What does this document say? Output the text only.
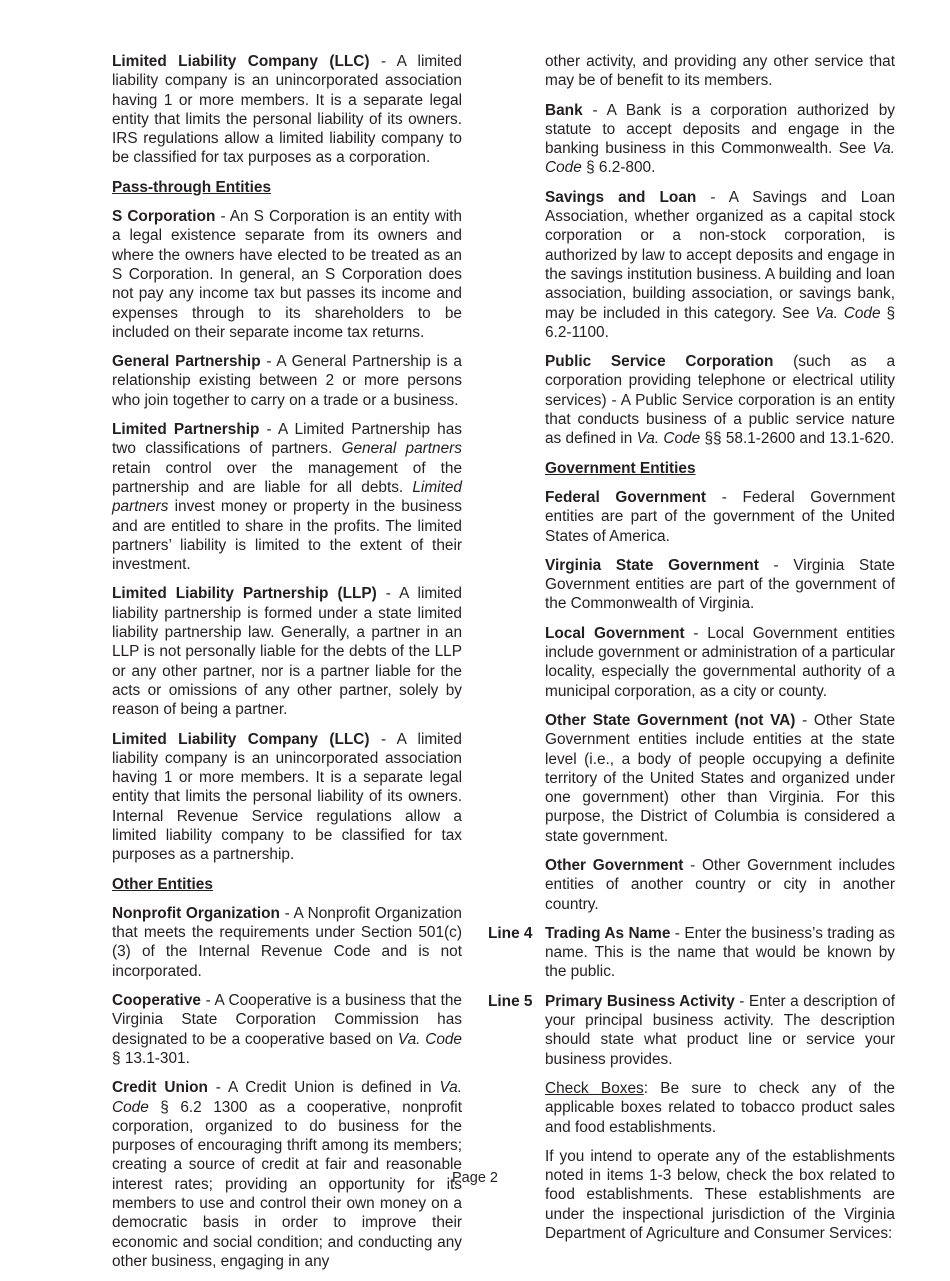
Limited Liability Company (LLC) - A limited liability company is an unincorporated association having 1 or more members. It is a separate legal entity that limits the personal liability of its owners. IRS regulations allow a limited liability company to be classified for tax purposes as a corporation.

Pass-through Entities

S Corporation - An S Corporation is an entity with a legal existence separate from its owners and where the owners have elected to be treated as an S Corporation. In general, an S Corporation does not pay any income tax but passes its income and expenses through to its shareholders to be included on their separate income tax returns.

General Partnership - A General Partnership is a relationship existing between 2 or more persons who join together to carry on a trade or a business.

Limited Partnership - A Limited Partnership has two classifications of partners. General partners retain control over the management of the partnership and are liable for all debts. Limited partners invest money or property in the business and are entitled to share in the profits. The limited partners’ liability is limited to the extent of their investment.

Limited Liability Partnership (LLP) - A limited liability partnership is formed under a state limited liability partnership law. Generally, a partner in an LLP is not personally liable for the debts of the LLP or any other partner, nor is a partner liable for the acts or omissions of any other partner, solely by reason of being a partner.

Limited Liability Company (LLC) - A limited liability company is an unincorporated association having 1 or more members. It is a separate legal entity that limits the personal liability of its owners. Internal Revenue Service regulations allow a limited liability company to be classified for tax purposes as a partnership.

Other Entities

Nonprofit Organization - A Nonprofit Organization that meets the requirements under Section 501(c)(3) of the Internal Revenue Code and is not incorporated.

Cooperative - A Cooperative is a business that the Virginia State Corporation Commission has designated to be a cooperative based on Va. Code § 13.1-301.

Credit Union - A Credit Union is defined in Va. Code § 6.2 1300 as a cooperative, nonprofit corporation, organized to do business for the purposes of encouraging thrift among its members; creating a source of credit at fair and reasonable interest rates; providing an opportunity for its members to use and control their own money on a democratic basis in order to improve their economic and social condition; and conducting any other business, engaging in any

other activity, and providing any other service that may be of benefit to its members.

Bank - A Bank is a corporation authorized by statute to accept deposits and engage in the banking business in this Commonwealth. See Va. Code § 6.2-800.

Savings and Loan - A Savings and Loan Association, whether organized as a capital stock corporation or a non-stock corporation, is authorized by law to accept deposits and engage in the savings institution business. A building and loan association, building association, or savings bank, may be included in this category. See Va. Code § 6.2-1100.

Public Service Corporation (such as a corporation providing telephone or electrical utility services) - A Public Service corporation is an entity that conducts business of a public service nature as defined in Va. Code §§ 58.1-2600 and 13.1-620.

Government Entities

Federal Government - Federal Government entities are part of the government of the United States of America.

Virginia State Government - Virginia State Government entities are part of the government of the Commonwealth of Virginia.

Local Government - Local Government entities include government or administration of a particular locality, especially the governmental authority of a municipal corporation, as a city or county.

Other State Government (not VA) - Other State Government entities include entities at the state level (i.e., a body of people occupying a definite territory of the United States and organized under one government) other than Virginia. For this purpose, the District of Columbia is considered a state government.

Other Government - Other Government includes entities of another country or city in another country.

Line 4 Trading As Name - Enter the business’s trading as name. This is the name that would be known by the public.

Line 5 Primary Business Activity - Enter a description of your principal business activity. The description should state what product line or service your business provides.

Check Boxes: Be sure to check any of the applicable boxes related to tobacco product sales and food establishments.

If you intend to operate any of the establishments noted in items 1-3 below, check the box related to food establishments. These establishments are under the inspectional jurisdiction of the Virginia Department of Agriculture and Consumer Services:

Page 2
